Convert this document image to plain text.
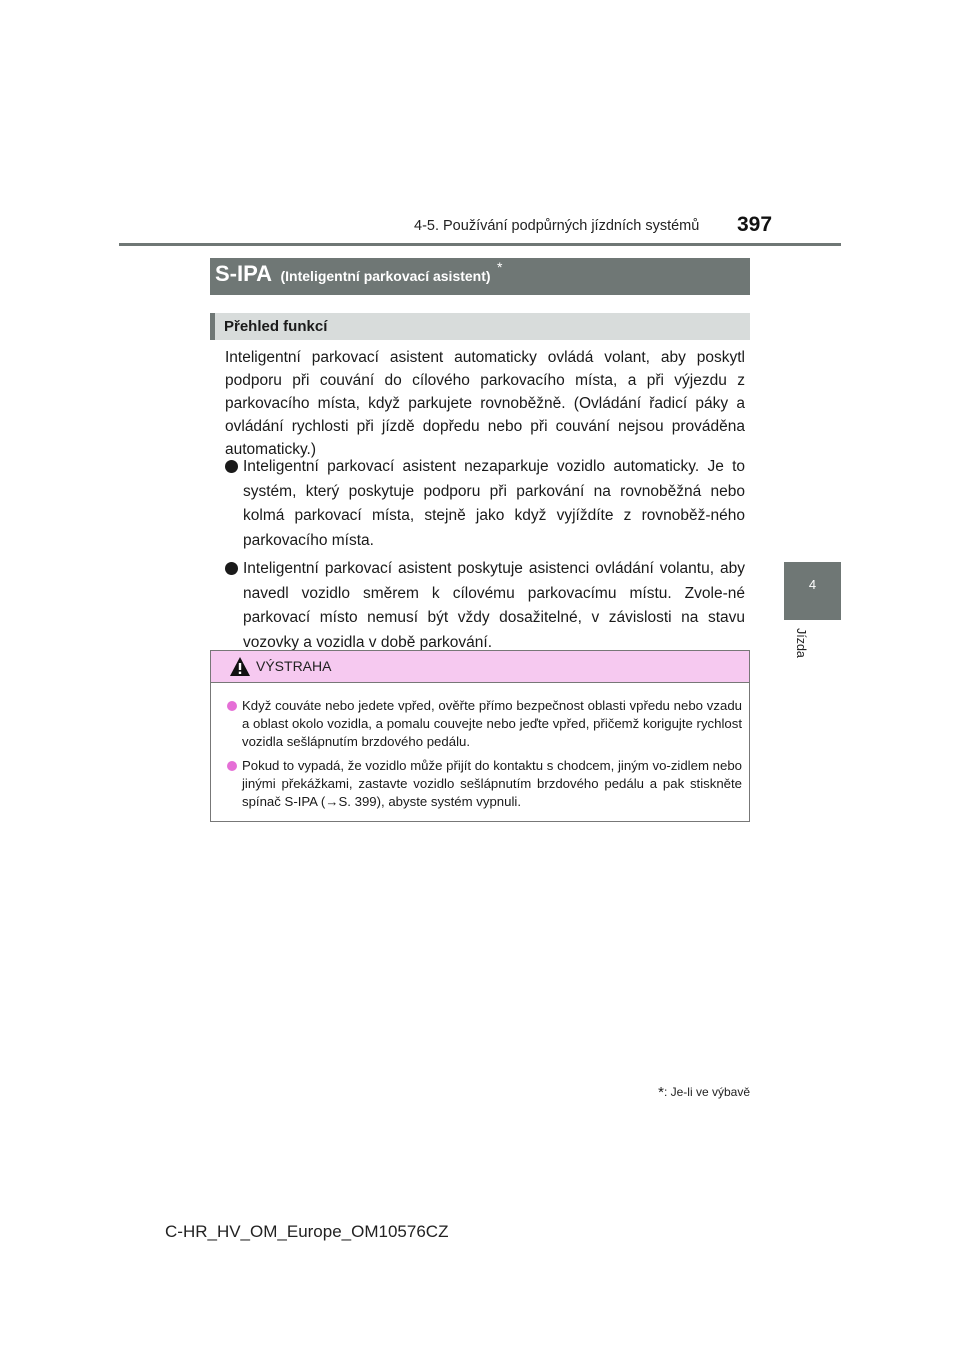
4-5. Používání podpůrných jízdních systémů 397
4
Jízda
S-IPA (Inteligentní parkovací asistent) *
Přehled funkcí

Inteligentní parkovací asistent automaticky ovládá volant, aby poskytl podporu při couvání do cílového parkovacího místa, a při výjezdu z parkovacího místa, když parkujete rovnoběžně. (Ovládání řadicí páky a ovládání rychlosti při jízdě dopředu nebo při couvání nejsou prováděna automaticky.)

Inteligentní parkovací asistent nezaparkuje vozidlo automaticky. Je to systém, který poskytuje podporu při parkování na rovnoběžná nebo kolmá parkovací místa, stejně jako když vyjíždíte z rovnoběž-ného parkovacího místa.
Inteligentní parkovací asistent poskytuje asistenci ovládání volantu, aby navedl vozidlo směrem k cílovému parkovacímu místu. Zvole-né parkovací místo nemusí být vždy dosažitelné, v závislosti na stavu vozovky a vozidla v době parkování.
VÝSTRAHA
Když couváte nebo jedete vpřed, ověřte přímo bezpečnost oblasti vpředu nebo vzadu a oblast okolo vozidla, a pomalu couvejte nebo jeďte vpřed, přičemž korigujte rychlost vozidla sešlápnutím brzdového pedálu.
Pokud to vypadá, že vozidlo může přijít do kontaktu s chodcem, jiným vo-zidlem nebo jinými překážkami, zastavte vozidlo sešlápnutím brzdového pedálu a pak stiskněte spínač S-IPA (→S. 399), abyste systém vypnuli.
*: Je-li ve výbavě
C-HR_HV_OM_Europe_OM10576CZ
